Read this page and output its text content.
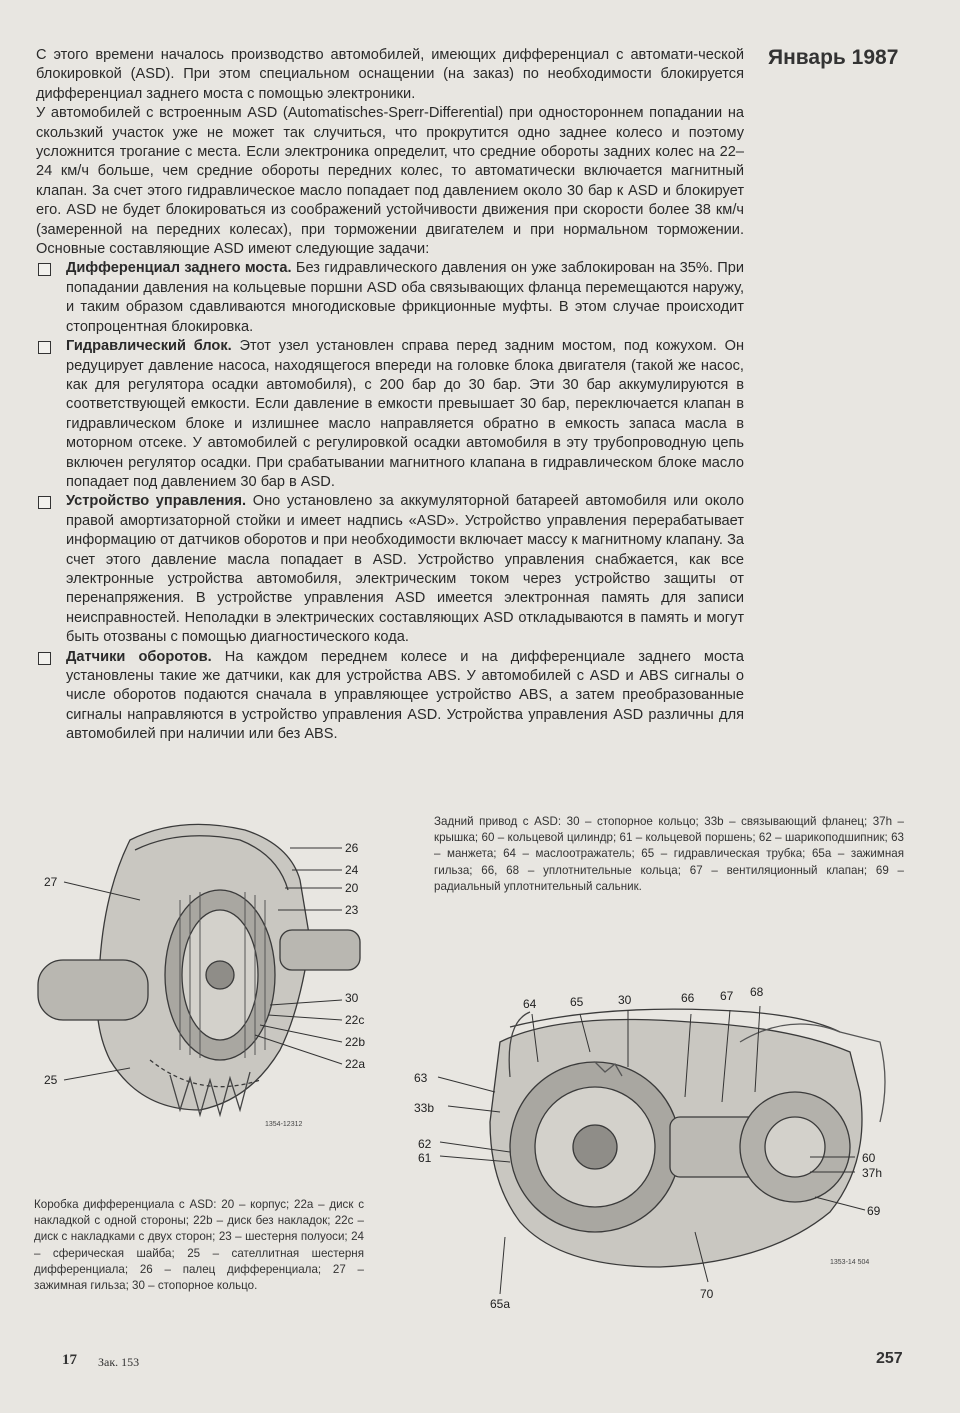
Январь 1987

С этого времени началось производство автомобилей, имеющих дифференциал с автомати-ческой блокировкой (ASD). При этом специальном оснащении (на заказ) по необходимости блокируется дифференциал заднего моста с помощью электроники.

У автомобилей с встроенным ASD (Automatisches-Sperr-Differential) при одностороннем попадании на скользкий участок уже не может так случиться, что прокрутится одно заднее колесо и поэтому усложнится трогание с места. Если электроника определит, что средние обороты задних колес на 22–24 км/ч больше, чем средние обороты передних колес, то автоматически включается магнитный клапан. За счет этого гидравлическое масло попадает под давлением около 30 бар к ASD и блокирует его. ASD не будет блокироваться из соображений устойчивости движения при скорости более 38 км/ч (замеренной на передних колесах), при торможении двигателем и при нормальном торможении. Основные составляющие ASD имеют следующие задачи:

Дифференциал заднего моста. Без гидравлического давления он уже заблокирован на 35%. При попадании давления на кольцевые поршни ASD оба связывающих фланца перемещаются наружу, и таким образом сдавливаются многодисковые фрикционные муфты. В этом случае происходит стопроцентная блокировка.

Гидравлический блок. Этот узел установлен справа перед задним мостом, под кожухом. Он редуцирует давление насоса, находящегося впереди на головке блока двигателя (такой же насос, как для регулятора осадки автомобиля), с 200 бар до 30 бар. Эти 30 бар аккумулируются в соответствующей емкости. Если давление в емкости превышает 30 бар, переключается клапан в гидравлическом блоке и излишнее масло направляется обратно в емкость запаса масла в моторном отсеке. У автомобилей с регулировкой осадки автомобиля в эту трубопроводную цепь включен регулятор осадки. При срабатывании магнитного клапана в гидравлическом блоке масло попадает под давлением 30 бар в ASD.

Устройство управления. Оно установлено за аккумуляторной батареей автомобиля или около правой амортизаторной стойки и имеет надпись «ASD». Устройство управления перерабатывает информацию от датчиков оборотов и при необходимости включает массу к магнитному клапану. За счет этого давление масла попадает в ASD. Устройство управления снабжается, как все электронные устройства автомобиля, электрическим током через устройство защиты от перенапряжения. В устройстве управления ASD имеется электронная память для записи неисправностей. Неполадки в электрических составляющих ASD откладываются в память и могут быть отозваны с помощью диагностического кода.

Датчики оборотов. На каждом переднем колесе и на дифференциале заднего моста установлены такие же датчики, как для устройства ABS. У автомобилей с ASD и ABS сигналы о числе оборотов подаются сначала в управляющее устройство ABS, а затем преобразованные сигналы направляются в устройство управления ASD. Устройства управления ASD различны для автомобилей при наличии или без ABS.

Задний привод с ASD: 30 – стопорное кольцо; 33b – связывающий фланец; 37h – крышка; 60 – кольцевой цилиндр; 61 – кольцевой поршень; 62 – шарикоподшипник; 63 – манжета; 64 – маслоотражатель; 65 – гидравлическая трубка; 65а – зажимная гильза; 66, 68 – уплотнительные кольца; 67 – вентиляционный клапан; 69 – радиальный уплотнительный сальник.
26
24
20
23
27
30
22c
22b
22a
25
1354-12312
64	65	30	66 67 68
63
33b
62
61	60
37h
69
70
65a
1353-14 504
Коробка дифференциала с ASD: 20 – корпус; 22а – диск с накладкой с одной стороны; 22b – диск без накладок; 22с – диск с накладками с двух сторон; 23 – шестерня полуоси; 24 – сферическая шайба; 25 – сателлитная шестерня дифференциала; 26 – палец дифференциала; 27 – зажимная гильза; 30 – стопорное кольцо.
17 Зак. 153	257
